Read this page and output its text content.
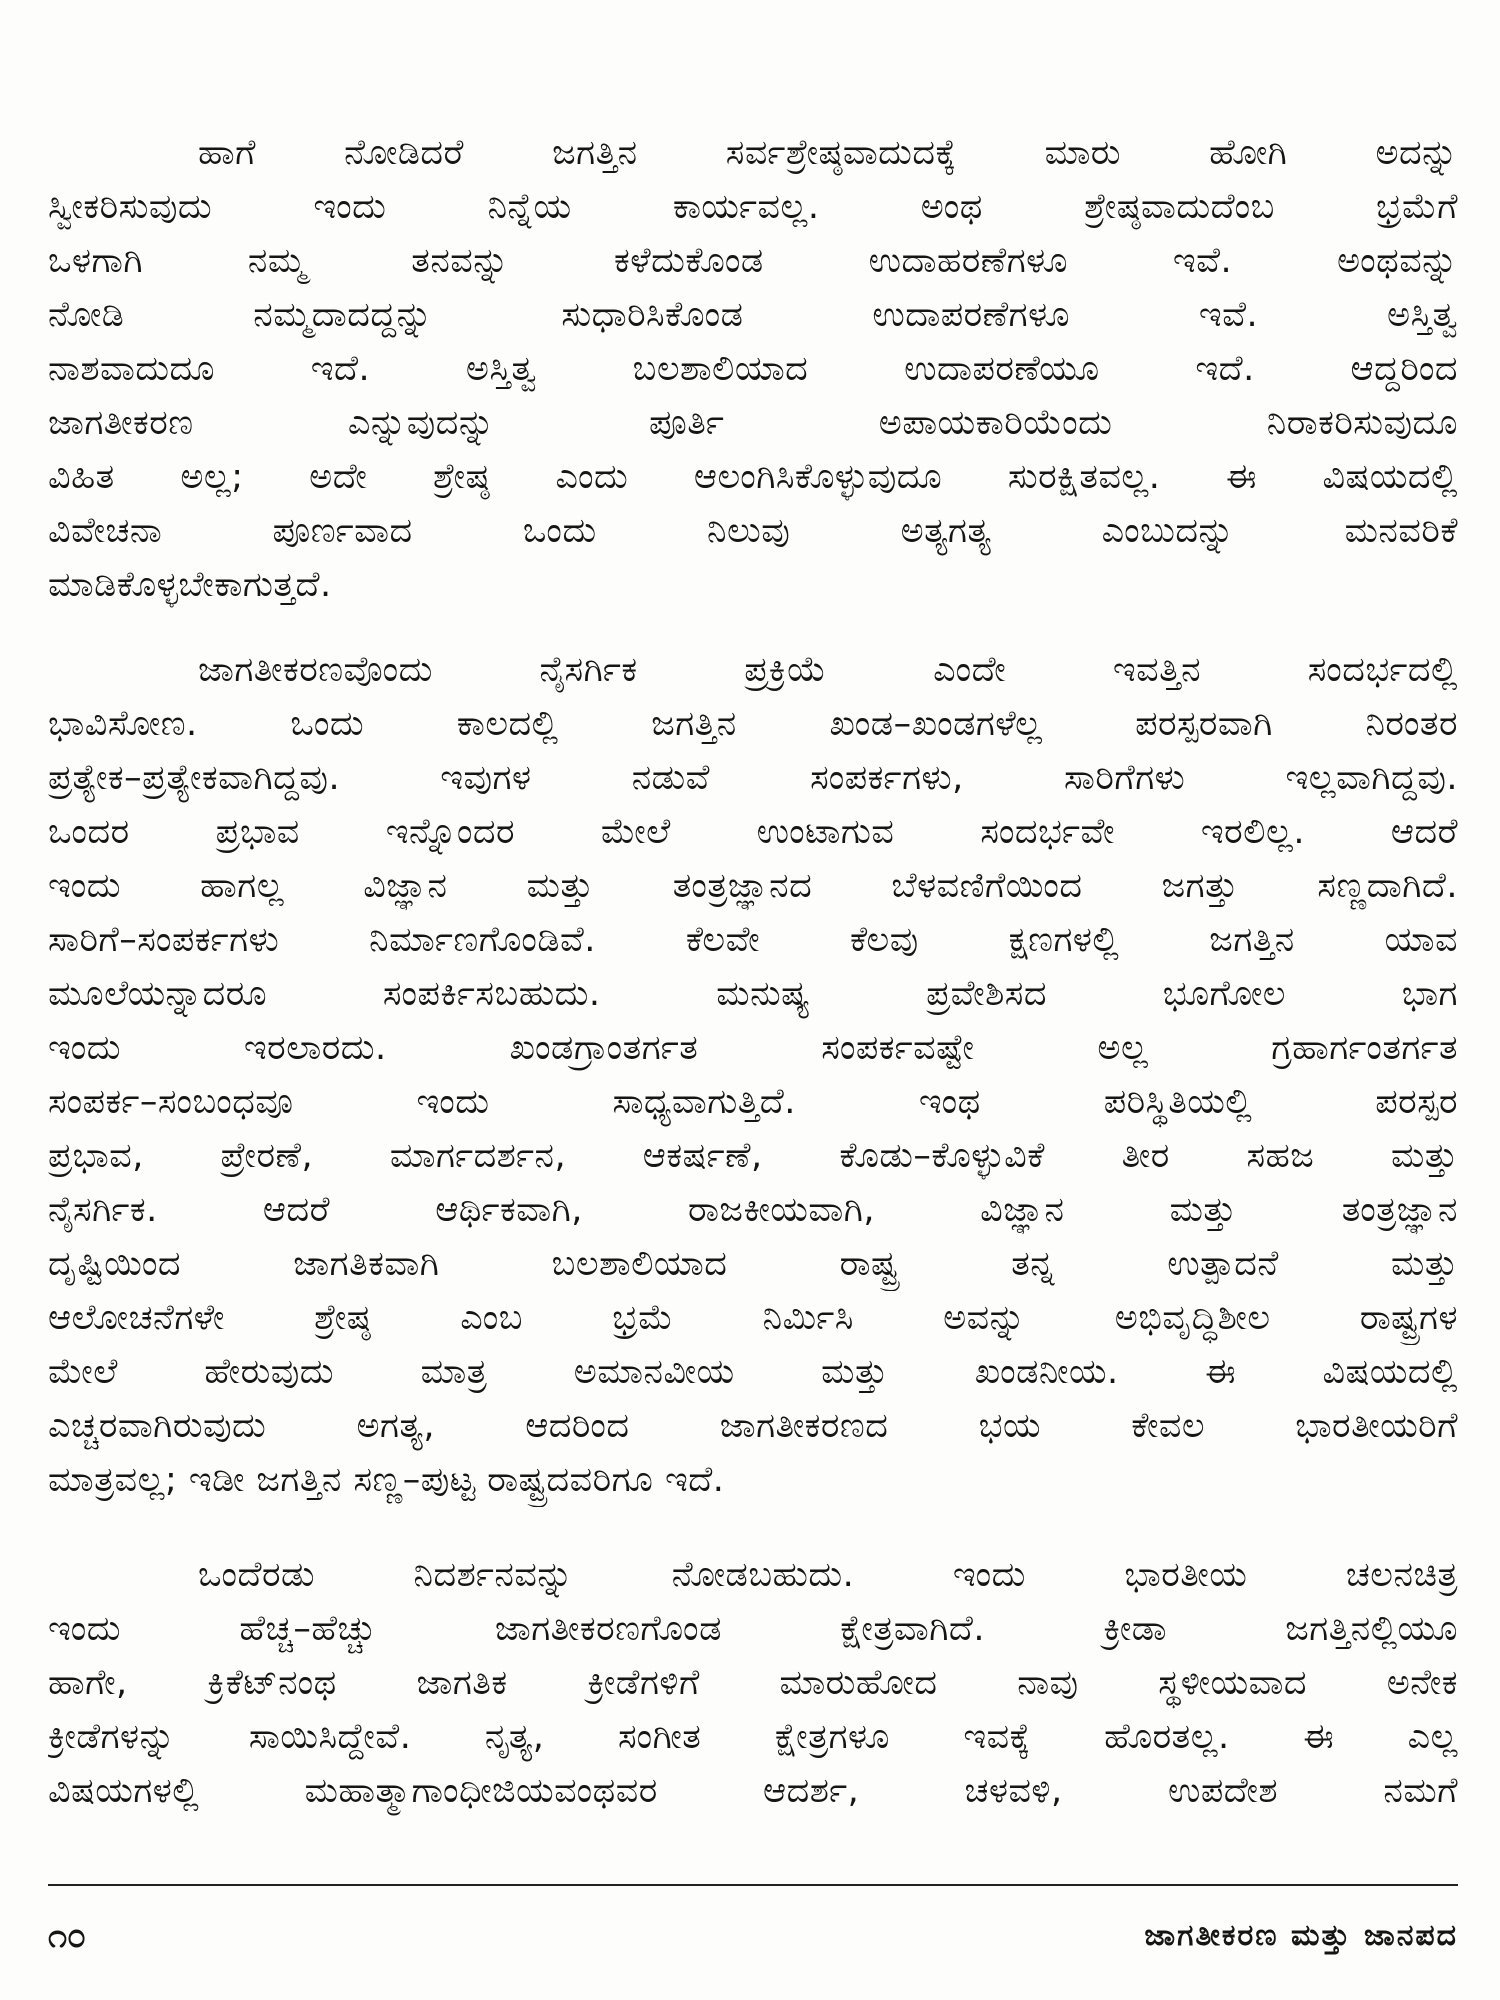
ಹಾಗೆ ನೋಡಿದರೆ ಜಗತ್ತಿನ ಸರ್ವಶ್ರೇಷ್ಠವಾದುದಕ್ಕೆ ಮಾರು ಹೋಗಿ ಅದನ್ನು
ಸ್ವೀಕರಿಸುವುದು ಇಂದು ನಿನ್ನೆಯ ಕಾರ್ಯವಲ್ಲ. ಅಂಥ ಶ್ರೇಷ್ಠವಾದುದೆಂಬ ಭ್ರಮೆಗೆ
ಒಳಗಾಗಿ ನಮ್ಮ ತನವನ್ನು ಕಳೆದುಕೊಂಡ ಉದಾಹರಣೆಗಳೂ ಇವೆ. ಅಂಥವನ್ನು
ನೋಡಿ ನಮ್ಮದಾದದ್ದನ್ನು ಸುಧಾರಿಸಿಕೊಂಡ ಉದಾಪರಣೆಗಳೂ ಇವೆ. ಅಸ್ತಿತ್ವ
ನಾಶವಾದುದೂ ಇದೆ. ಅಸ್ತಿತ್ವ ಬಲಶಾಲಿಯಾದ ಉದಾಪರಣೆಯೂ ಇದೆ. ಆದ್ದರಿಂದ
ಜಾಗತೀಕರಣ ಎನ್ನುವುದನ್ನು ಪೂರ್ತಿ ಅಪಾಯಕಾರಿಯೆಂದು ನಿರಾಕರಿಸುವುದೂ
ವಿಹಿತ ಅಲ್ಲ; ಅದೇ ಶ್ರೇಷ್ಠ ಎಂದು ಆಲಂಗಿಸಿಕೊಳ್ಳುವುದೂ ಸುರಕ್ಷಿತವಲ್ಲ. ಈ ವಿಷಯದಲ್ಲಿ
ವಿವೇಚನಾ ಪೂರ್ಣವಾದ ಒಂದು ನಿಲುವು ಅತ್ಯಗತ್ಯ ಎಂಬುದನ್ನು ಮನವರಿಕೆ
ಮಾಡಿಕೊಳ್ಳಬೇಕಾಗುತ್ತದೆ.
ಜಾಗತೀಕರಣವೊಂದು ನೈಸರ್ಗಿಕ ಪ್ರಕ್ರಿಯೆ ಎಂದೇ ಇವತ್ತಿನ ಸಂದರ್ಭದಲ್ಲಿ
ಭಾವಿಸೋಣ. ಒಂದು ಕಾಲದಲ್ಲಿ ಜಗತ್ತಿನ ಖಂಡ–ಖಂಡಗಳೆಲ್ಲ ಪರಸ್ಪರವಾಗಿ ನಿರಂತರ
ಪ್ರತ್ಯೇಕ–ಪ್ರತ್ಯೇಕವಾಗಿದ್ದವು. ಇವುಗಳ ನಡುವೆ ಸಂಪರ್ಕಗಳು, ಸಾರಿಗೆಗಳು ಇಲ್ಲವಾಗಿದ್ದವು.
ಒಂದರ ಪ್ರಭಾವ ಇನ್ನೊಂದರ ಮೇಲೆ ಉಂಟಾಗುವ ಸಂದರ್ಭವೇ ಇರಲಿಲ್ಲ. ಆದರೆ
ಇಂದು ಹಾಗಲ್ಲ ವಿಜ್ಞಾನ ಮತ್ತು ತಂತ್ರಜ್ಞಾನದ ಬೆಳವಣಿಗೆಯಿಂದ ಜಗತ್ತು ಸಣ್ಣದಾಗಿದೆ.
ಸಾರಿಗೆ–ಸಂಪರ್ಕಗಳು ನಿರ್ಮಾಣಗೊಂಡಿವೆ. ಕೆಲವೇ ಕೆಲವು ಕ್ಷಣಗಳಲ್ಲಿ ಜಗತ್ತಿನ ಯಾವ
ಮೂಲೆಯನ್ನಾದರೂ ಸಂಪರ್ಕಿಸಬಹುದು. ಮನುಷ್ಯ ಪ್ರವೇಶಿಸದ ಭೂಗೋಲ ಭಾಗ
ಇಂದು ಇರಲಾರದು. ಖಂಡಗ್ರಾಂತರ್ಗತ ಸಂಪರ್ಕವಷ್ಟೇ ಅಲ್ಲ ಗ್ರಹಾರ್ಗಂತರ್ಗತ
ಸಂಪರ್ಕ–ಸಂಬಂಧವೂ ಇಂದು ಸಾಧ್ಯವಾಗುತ್ತಿದೆ. ಇಂಥ ಪರಿಸ್ಥಿತಿಯಲ್ಲಿ ಪರಸ್ಪರ
ಪ್ರಭಾವ, ಪ್ರೇರಣೆ, ಮಾರ್ಗದರ್ಶನ, ಆಕರ್ಷಣೆ, ಕೊಡು–ಕೊಳ್ಳುವಿಕೆ ತೀರ ಸಹಜ ಮತ್ತು
ನೈಸರ್ಗಿಕ. ಆದರೆ ಆರ್ಥಿಕವಾಗಿ, ರಾಜಕೀಯವಾಗಿ, ವಿಜ್ಞಾನ ಮತ್ತು ತಂತ್ರಜ್ಞಾನ
ದೃಷ್ಟಿಯಿಂದ ಜಾಗತಿಕವಾಗಿ ಬಲಶಾಲಿಯಾದ ರಾಷ್ಟ್ರ ತನ್ನ ಉತ್ಪಾದನೆ ಮತ್ತು
ಆಲೋಚನೆಗಳೇ ಶ್ರೇಷ್ಠ ಎಂಬ ಭ್ರಮೆ ನಿರ್ಮಿಸಿ ಅವನ್ನು ಅಭಿವೃದ್ಧಿಶೀಲ ರಾಷ್ಟ್ರಗಳ
ಮೇಲೆ ಹೇರುವುದು ಮಾತ್ರ ಅಮಾನವೀಯ ಮತ್ತು ಖಂಡನೀಯ. ಈ ವಿಷಯದಲ್ಲಿ
ಎಚ್ಚರವಾಗಿರುವುದು ಅಗತ್ಯ, ಆದರಿಂದ ಜಾಗತೀಕರಣದ ಭಯ ಕೇವಲ ಭಾರತೀಯರಿಗೆ
ಮಾತ್ರವಲ್ಲ; ಇಡೀ ಜಗತ್ತಿನ ಸಣ್ಣ–ಪುಟ್ಟ ರಾಷ್ಟ್ರದವರಿಗೂ ಇದೆ.
ಒಂದೆರಡು ನಿದರ್ಶನವನ್ನು ನೋಡಬಹುದು. ಇಂದು ಭಾರತೀಯ ಚಲನಚಿತ್ರ
ಇಂದು ಹೆಚ್ಚ–ಹೆಚ್ಚು ಜಾಗತೀಕರಣಗೊಂಡ ಕ್ಷೇತ್ರವಾಗಿದೆ. ಕ್ರೀಡಾ ಜಗತ್ತಿನಲ್ಲಿಯೂ
ಹಾಗೇ, ಕ್ರಿಕೆಟ್‌ನಂಥ ಜಾಗತಿಕ ಕ್ರೀಡೆಗಳಿಗೆ ಮಾರುಹೋದ ನಾವು ಸ್ಥಳೀಯವಾದ ಅನೇಕ
ಕ್ರೀಡೆಗಳನ್ನು ಸಾಯಿಸಿದ್ದೇವೆ. ನೃತ್ಯ, ಸಂಗೀತ ಕ್ಷೇತ್ರಗಳೂ ಇವಕ್ಕೆ ಹೊರತಲ್ಲ. ಈ ಎಲ್ಲ
ವಿಷಯಗಳಲ್ಲಿ ಮಹಾತ್ಮಾಗಾಂಧೀಜಿಯವಂಥವರ ಆದರ್ಶ, ಚಳವಳಿ, ಉಪದೇಶ ನಮಗೆ
೧೦	ಜಾಗತೀಕರಣ ಮತ್ತು ಜಾನಪದ
